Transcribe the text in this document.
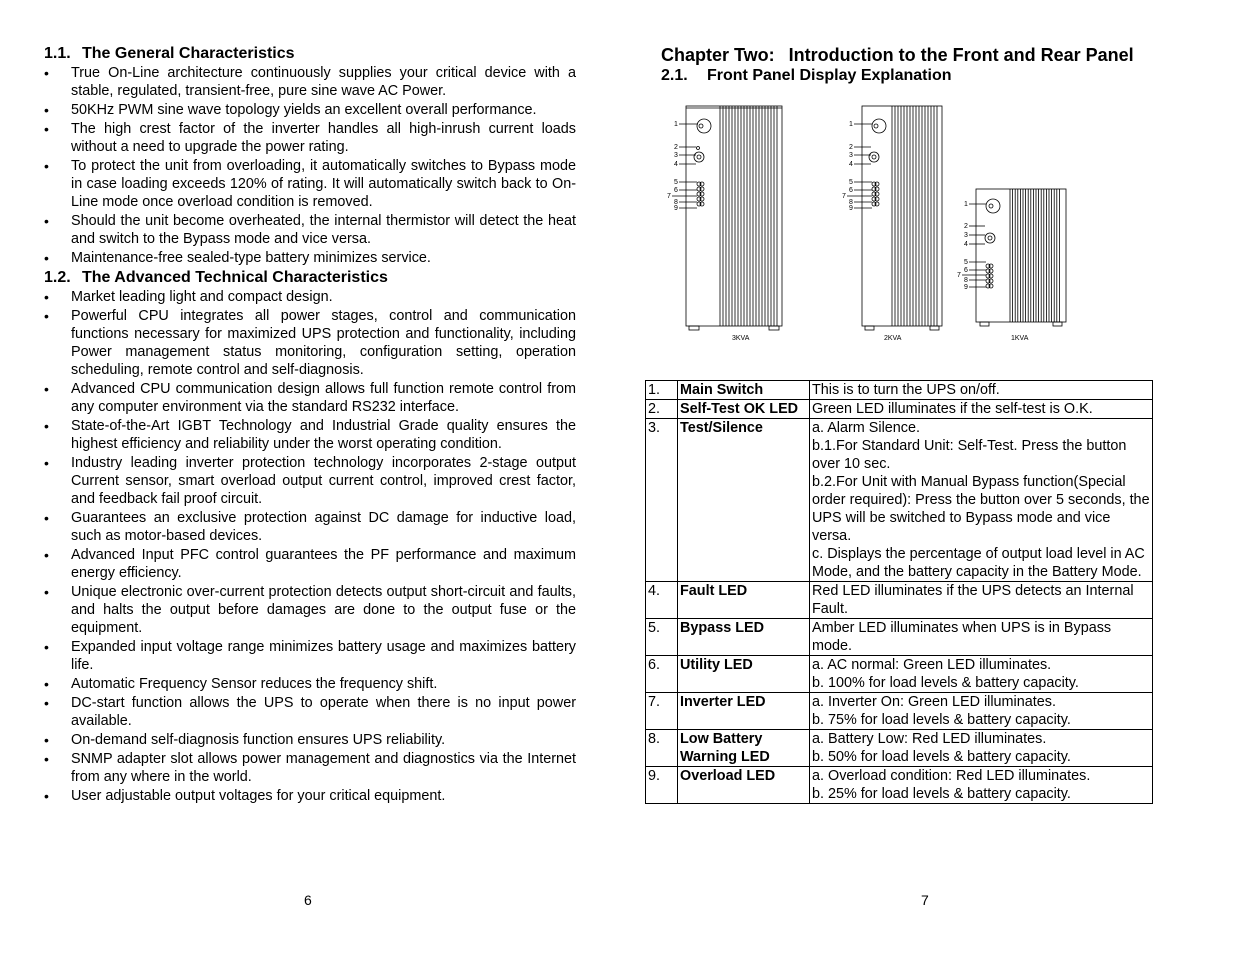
1.1. The General Characteristics
• True On-Line architecture continuously supplies your critical device with a stable, regulated, transient-free, pure sine wave AC Power.
• 50KHz PWM sine wave topology yields an excellent overall performance.
• The high crest factor of the inverter handles all high-inrush current loads without a need to upgrade the power rating.
• To protect the unit from overloading, it automatically switches to Bypass mode in case loading exceeds 120% of rating. It will automatically switch back to On-Line mode once overload condition is removed.
• Should the unit become overheated, the internal thermistor will detect the heat and switch to the Bypass mode and vice versa.
• Maintenance-free sealed-type battery minimizes service.
1.2. The Advanced Technical Characteristics
• Market leading light and compact design.
• Powerful CPU integrates all power stages, control and communication functions necessary for maximized UPS protection and functionality, including Power management status monitoring, configuration setting, operation scheduling, remote control and self-diagnosis.
• Advanced CPU communication design allows full function remote control from any computer environment via the standard RS232 interface.
• State-of-the-Art IGBT Technology and Industrial Grade quality ensures the highest efficiency and reliability under the worst operating condition.
• Industry leading inverter protection technology incorporates 2-stage output Current sensor, smart overload output current control, improved crest factor, and feedback fail proof circuit.
• Guarantees an exclusive protection against DC damage for inductive load, such as motor-based devices.
• Advanced Input PFC control guarantees the PF performance and maximum energy efficiency.
• Unique electronic over-current protection detects output short-circuit and faults, and halts the output before damages are done to the output fuse or the equipment.
• Expanded input voltage range minimizes battery usage and maximizes battery life.
• Automatic Frequency Sensor reduces the frequency shift.
• DC-start function allows the UPS to operate when there is no input power available.
• On-demand self-diagnosis function ensures UPS reliability.
• SNMP adapter slot allows power management and diagnostics via the Internet from any where in the world.
• User adjustable output voltages for your critical equipment.
6
Chapter Two: Introduction to the Front and Rear Panel
2.1. Front Panel Display Explanation
1
2
3
4
5
6
7
8
9
3KVA
1
2
3
4
5
6
7
8
9
2KVA
1
2
3
4
5
6
7
8
9
1KVA
1.	Main Switch	This is to turn the UPS on/off.
2.	Self-Test OK LED	Green LED illuminates if the self-test is O.K.
3.	Test/Silence	a. Alarm Silence.
b.1.For Standard Unit: Self-Test. Press the button over 10 sec.
b.2.For Unit with Manual Bypass function(Special order required): Press the button over 5 seconds, the UPS will be switched to Bypass mode and vice versa.
c. Displays the percentage of output load level in AC Mode, and the battery capacity in the Battery Mode.
4.	Fault LED	Red LED illuminates if the UPS detects an Internal Fault.
5.	Bypass LED	Amber LED illuminates when UPS is in Bypass mode.
6.	Utility LED	a. AC normal: Green LED illuminates.
b. 100% for load levels & battery capacity.
7.	Inverter LED	a. Inverter On: Green LED illuminates.
b. 75% for load levels & battery capacity.
8.	Low Battery Warning LED	a. Battery Low: Red LED illuminates.
b. 50% for load levels & battery capacity.
9.	Overload LED	a. Overload condition: Red LED illuminates.
b. 25% for load levels & battery capacity.
7
